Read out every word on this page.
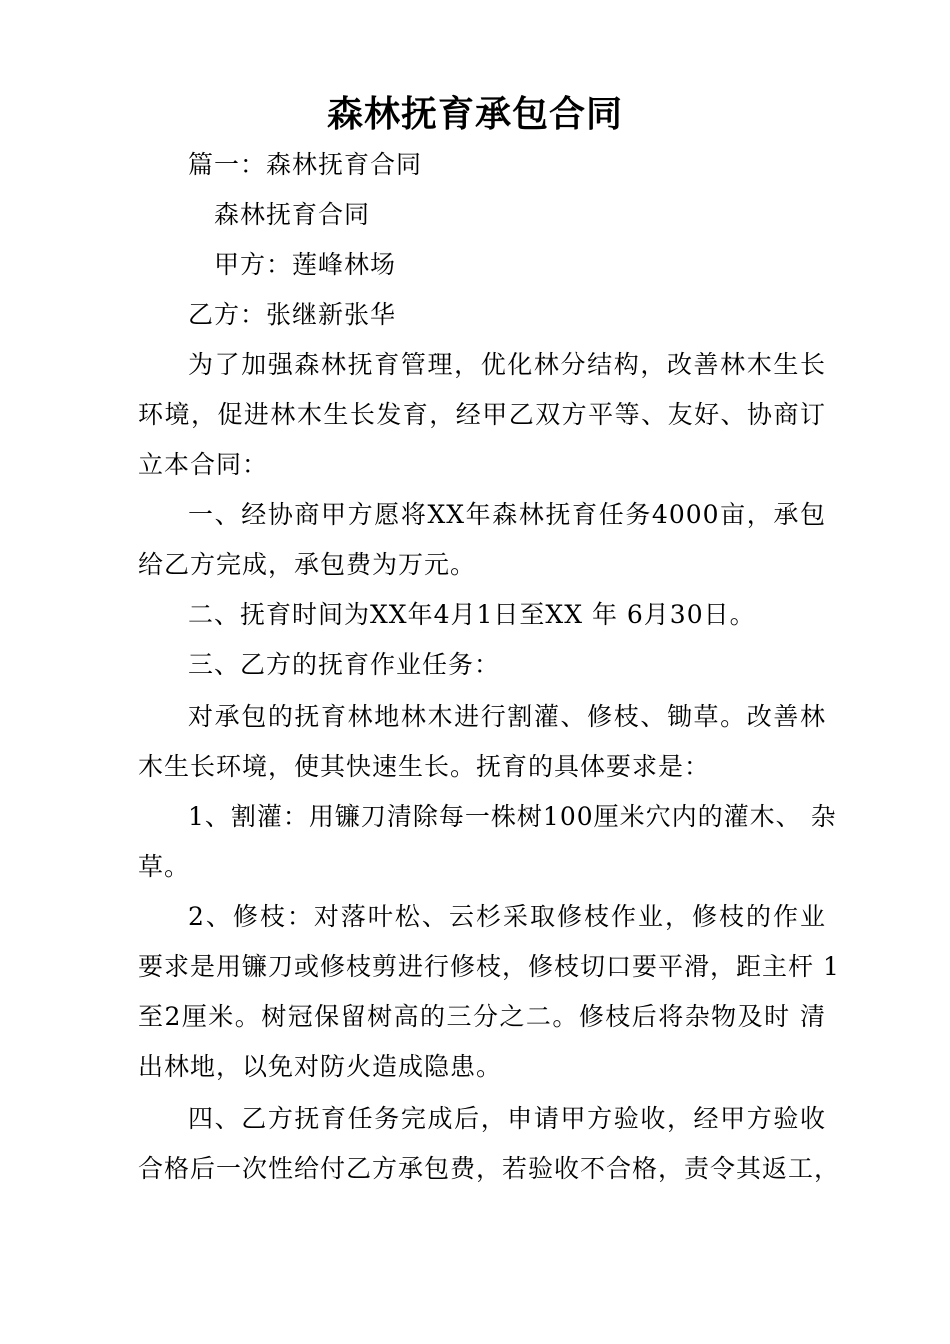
森林抚育承包合同
篇一：森林抚育合同
森林抚育合同
甲方：莲峰林场
乙方：张继新张华
为了加强森林抚育管理，优化林分结构，改善林木生长
环境，促进林木生长发育，经甲乙双方平等、友好、协商订
立本合同：
一、经协商甲方愿将XX年森林抚育任务4000亩，承包
给乙方完成，承包费为万元。
二、抚育时间为XX年4月1日至XX 年 6月30日。
三、乙方的抚育作业任务：
对承包的抚育林地林木进行割灌、修枝、锄草。改善林
木生长环境，使其快速生长。抚育的具体要求是：
1、割灌：用镰刀清除每一株树100厘米穴内的灌木、 杂
草。
2、修枝：对落叶松、云杉采取修枝作业，修枝的作业
要求是用镰刀或修枝剪进行修枝，修枝切口要平滑，距主杆 1
至2厘米。树冠保留树高的三分之二。修枝后将杂物及时 清
出林地，以免对防火造成隐患。
四、乙方抚育任务完成后，申请甲方验收，经甲方验收
合格后一次性给付乙方承包费，若验收不合格，责令其返工，
